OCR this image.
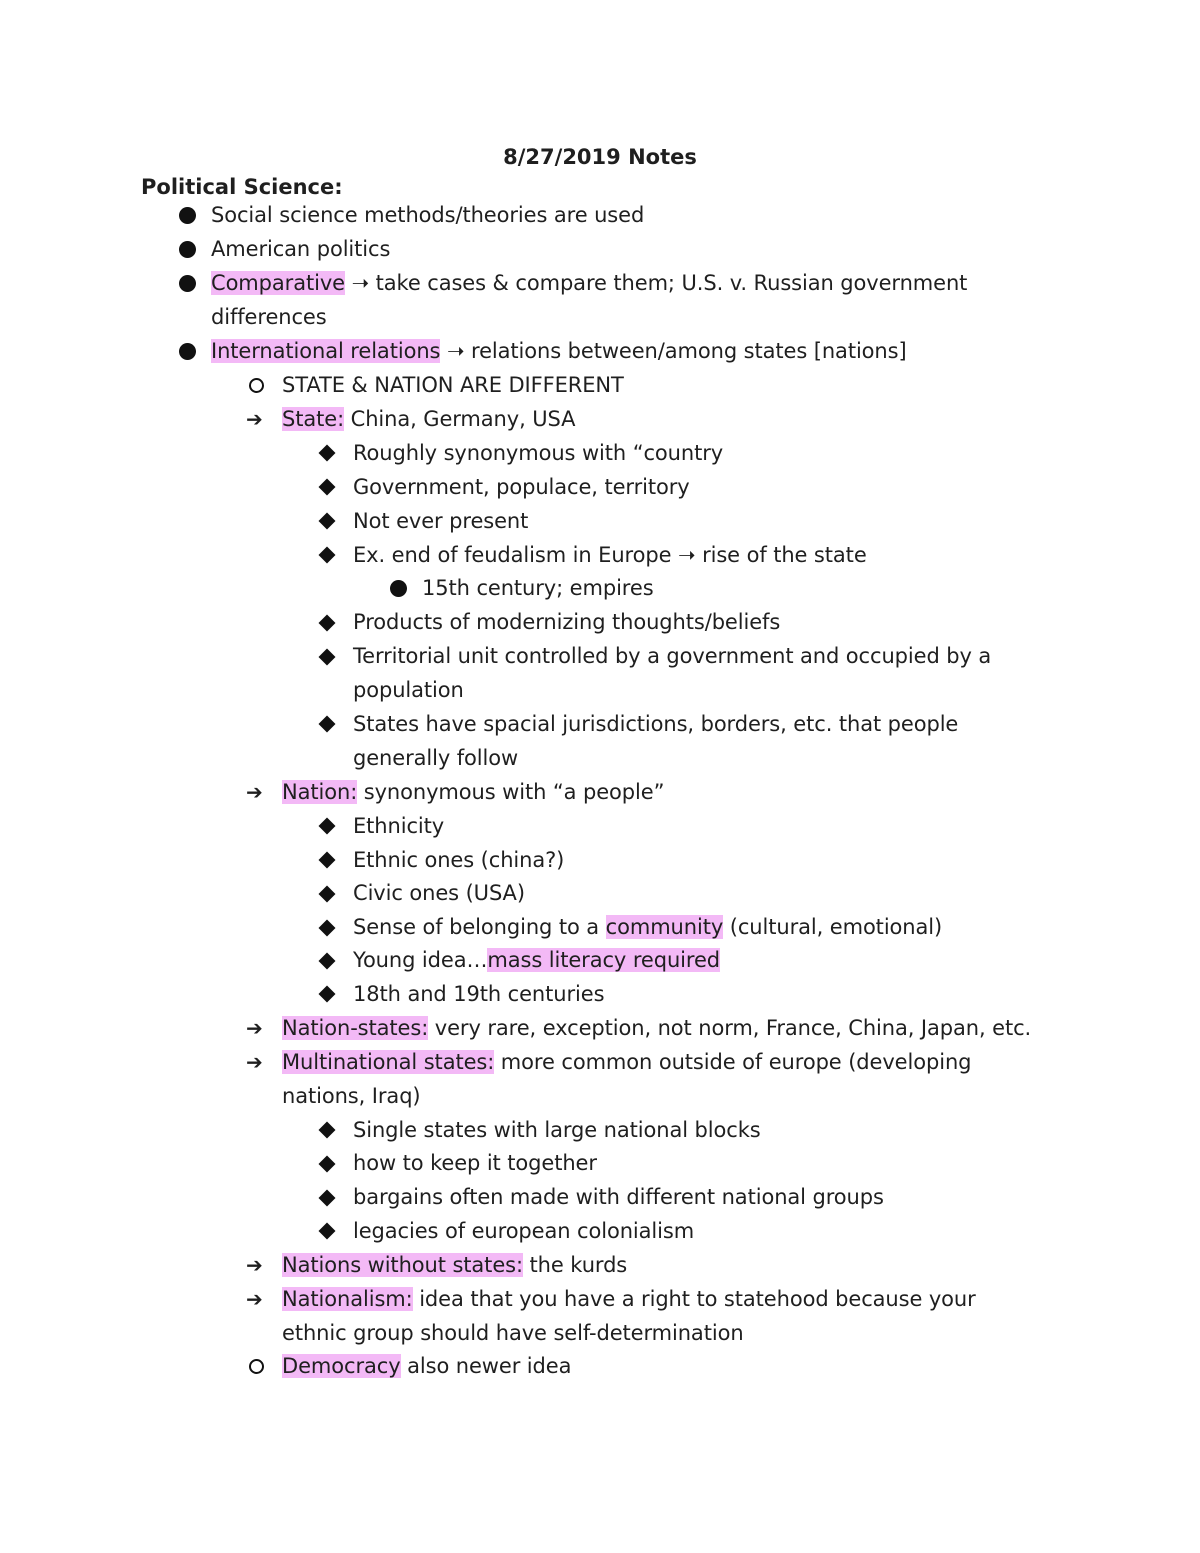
8/27/2019 Notes
Political Science:
Social science methods/theories are used
American politics
Comparative ➝ take cases & compare them; U.S. v. Russian government
differences
International relations ➝ relations between/among states [nations]
STATE & NATION ARE DIFFERENT
➔ State: China, Germany, USA
Roughly synonymous with “country
Government, populace, territory
Not ever present
Ex. end of feudalism in Europe ➝ rise of the state
15th century; empires
Products of modernizing thoughts/beliefs
Territorial unit controlled by a government and occupied by a
population
States have spacial jurisdictions, borders, etc. that people
generally follow
➔ Nation: synonymous with “a people”
Ethnicity
Ethnic ones (china?)
Civic ones (USA)
Sense of belonging to a community (cultural, emotional)
Young idea…mass literacy required
18th and 19th centuries
➔ Nation-states: very rare, exception, not norm, France, China, Japan, etc.
➔ Multinational states: more common outside of europe (developing
nations, Iraq)
Single states with large national blocks
how to keep it together
bargains often made with different national groups
legacies of european colonialism
➔ Nations without states: the kurds
➔ Nationalism: idea that you have a right to statehood because your
ethnic group should have self-determination
Democracy also newer idea
